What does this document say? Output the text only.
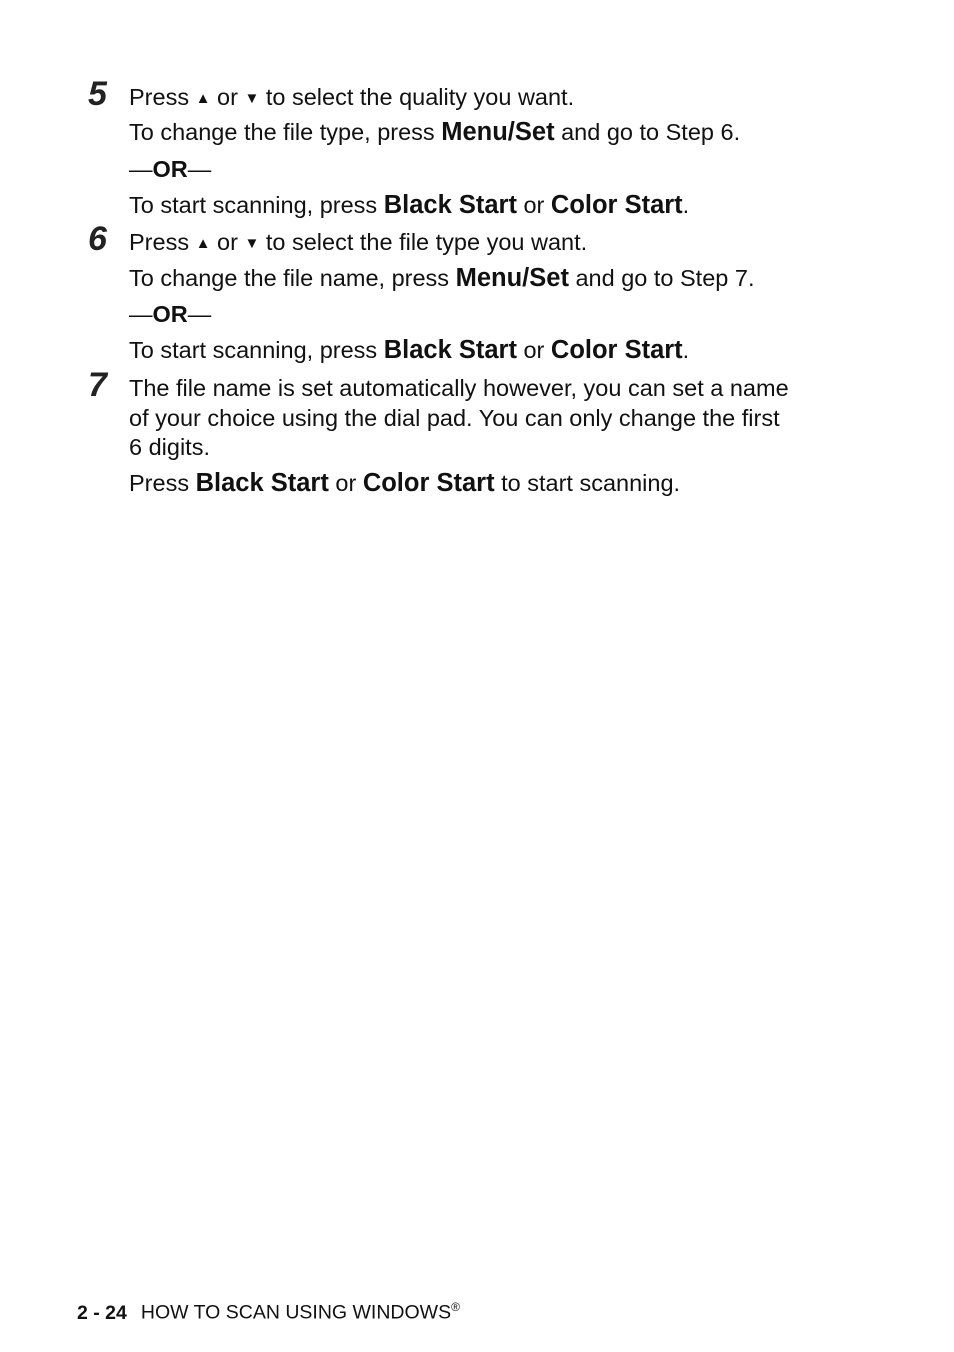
5 Press ▲ or ▼ to select the quality you want.
To change the file type, press Menu/Set and go to Step 6.
—OR—
To start scanning, press Black Start or Color Start.
6 Press ▲ or ▼ to select the file type you want.
To change the file name, press Menu/Set and go to Step 7.
—OR—
To start scanning, press Black Start or Color Start.
7 The file name is set automatically however, you can set a name
of your choice using the dial pad. You can only change the first
6 digits.
Press Black Start or Color Start to start scanning.
2 - 24 HOW TO SCAN USING WINDOWS®
